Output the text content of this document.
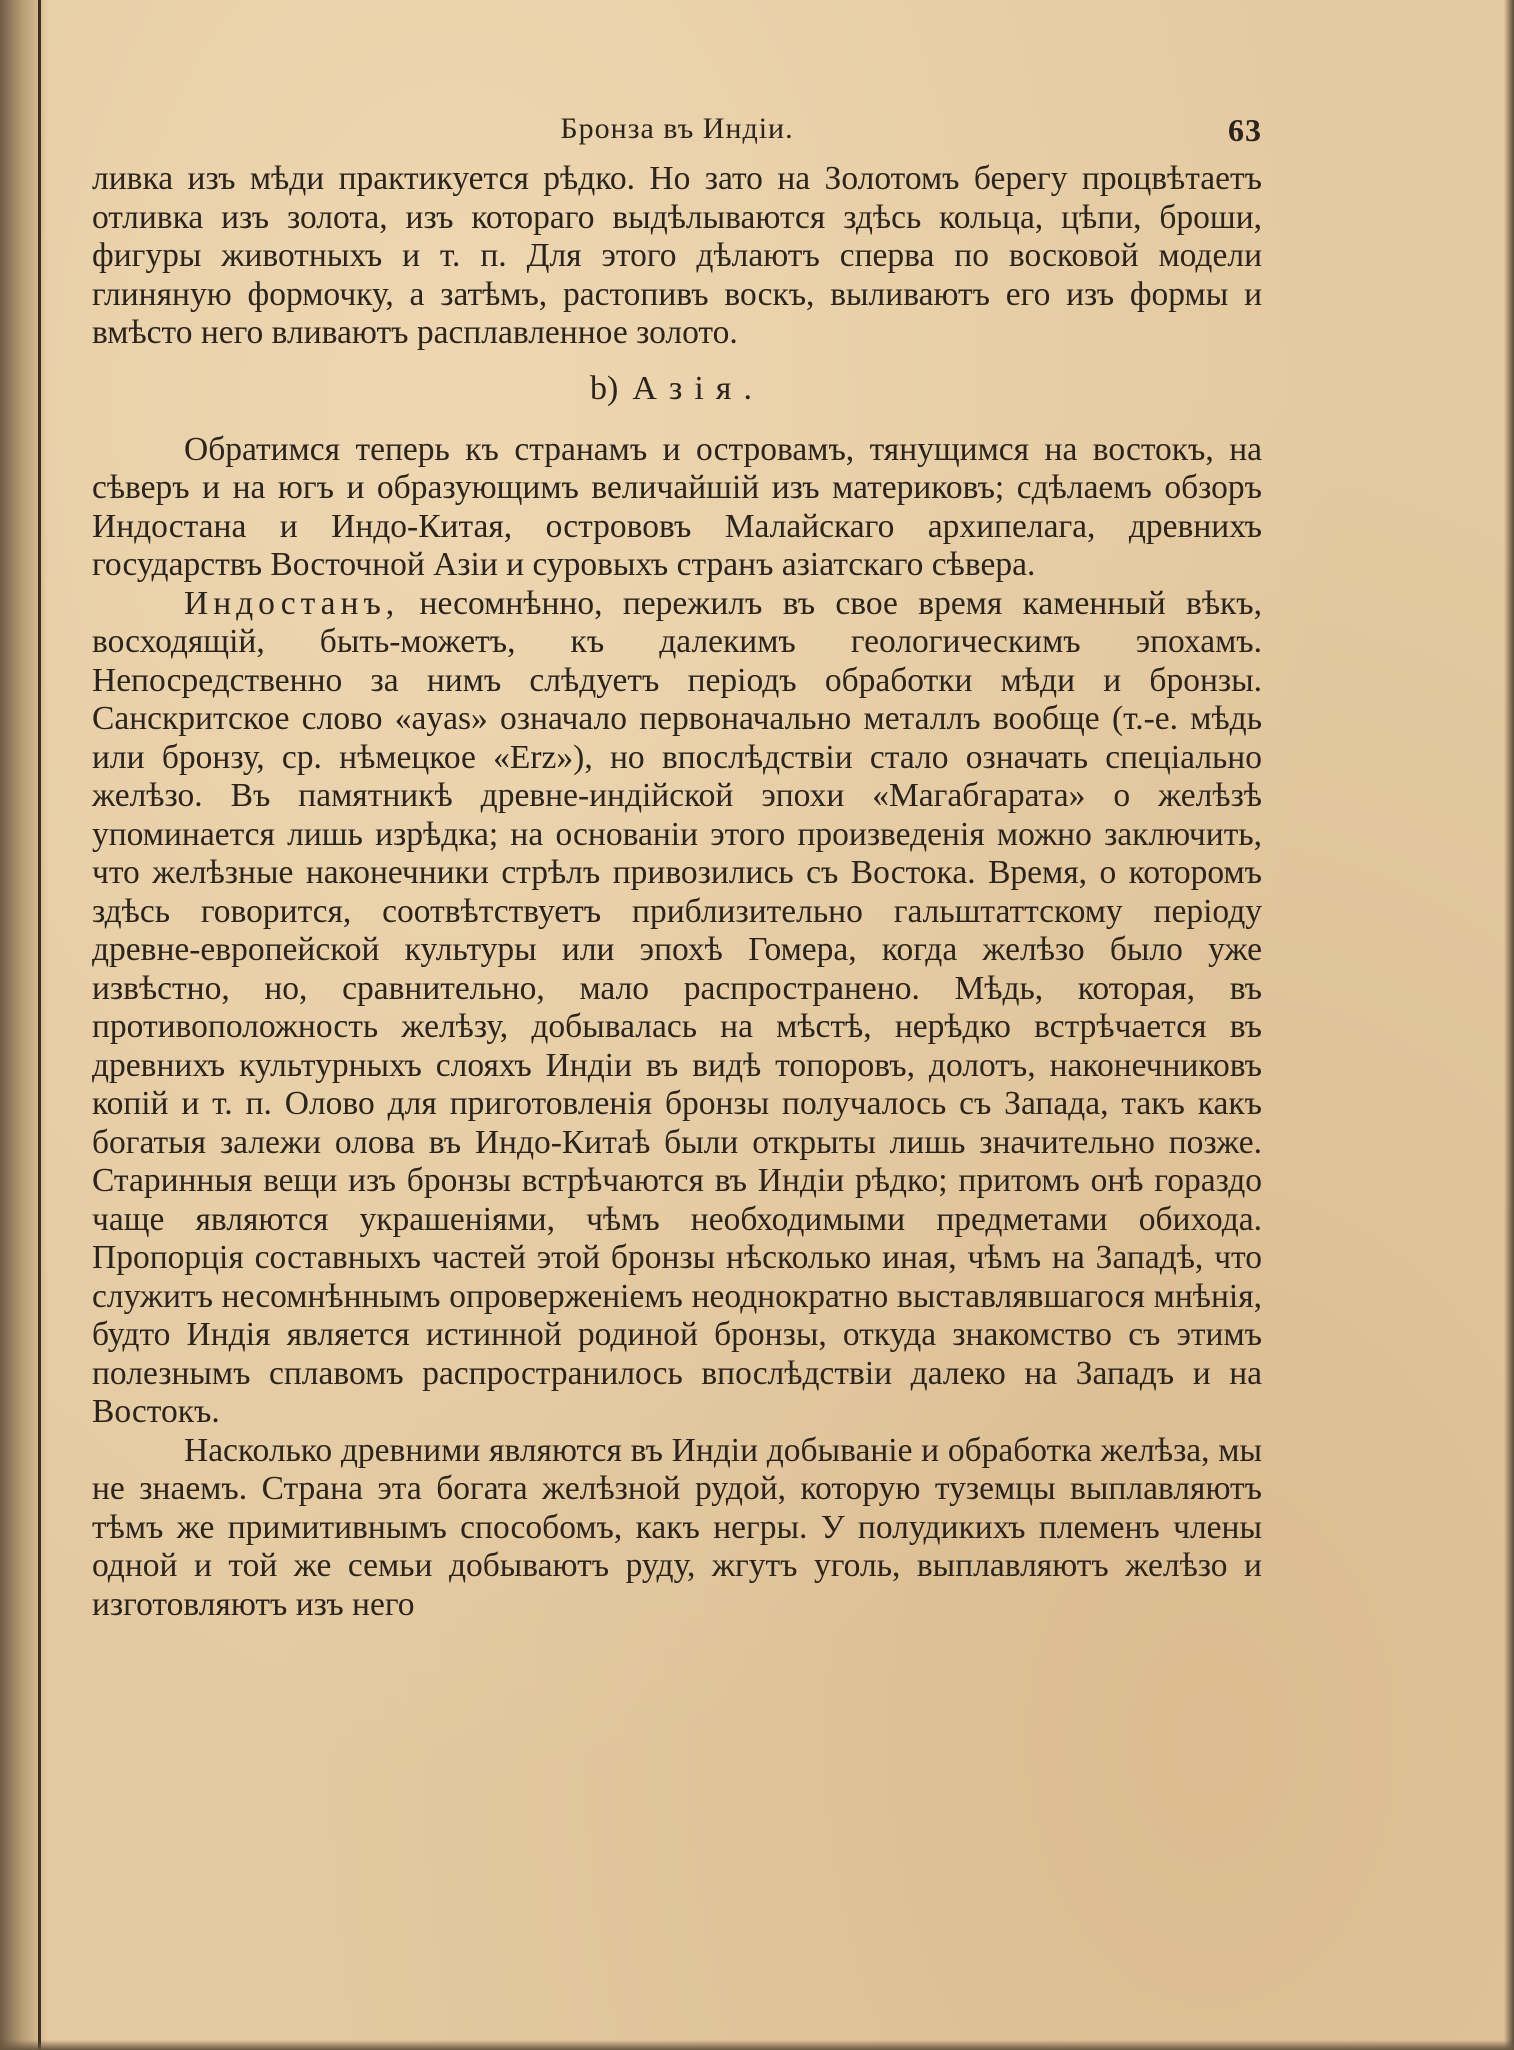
Бронза въ Индіи.	63

ливка изъ мѣди практикуется рѣдко. Но зато на Золотомъ берегу процвѣтаетъ отливка изъ золота, изъ котораго выдѣлываются здѣсь кольца, цѣпи, броши, фигуры животныхъ и т. п. Для этого дѣлаютъ сперва по восковой модели глиняную формочку, а затѣмъ, растопивъ воскъ, выливаютъ его изъ формы и вмѣсто него вливаютъ расплавленное золото.

b) Азія.

Обратимся теперь къ странамъ и островамъ, тянущимся на востокъ, на сѣверъ и на югъ и образующимъ величайшій изъ материковъ; сдѣлаемъ обзоръ Индостана и Индо-Китая, острововъ Малайскаго архипелага, древнихъ государствъ Восточной Азіи и суровыхъ странъ азіатскаго сѣвера.

Индостанъ, несомнѣнно, пережилъ въ свое время каменный вѣкъ, восходящій, быть-можетъ, къ далекимъ геологическимъ эпохамъ. Непосредственно за нимъ слѣдуетъ періодъ обработки мѣди и бронзы. Санскритское слово «ayas» означало первоначально металлъ вообще (т.-е. мѣдь или бронзу, ср. нѣмецкое «Erz»), но впослѣдствіи стало означать спеціально желѣзо. Въ памятникѣ древне-индійской эпохи «Магабгарата» о желѣзѣ упоминается лишь изрѣдка; на основаніи этого произведенія можно заключить, что желѣзные наконечники стрѣлъ привозились съ Востока. Время, о которомъ здѣсь говорится, соотвѣтствуетъ приблизительно гальштаттскому періоду древне-европейской культуры или эпохѣ Гомера, когда желѣзо было уже извѣстно, но, сравнительно, мало распространено. Мѣдь, которая, въ противоположность желѣзу, добывалась на мѣстѣ, нерѣдко встрѣчается въ древнихъ культурныхъ слояхъ Индіи въ видѣ топоровъ, долотъ, наконечниковъ копій и т. п. Олово для приготовленія бронзы получалось съ Запада, такъ какъ богатыя залежи олова въ Индо-Китаѣ были открыты лишь значительно позже. Старинныя вещи изъ бронзы встрѣчаются въ Индіи рѣдко; притомъ онѣ гораздо чаще являются украшеніями, чѣмъ необходимыми предметами обихода. Пропорція составныхъ частей этой бронзы нѣсколько иная, чѣмъ на Западѣ, что служитъ несомнѣннымъ опроверженіемъ неоднократно выставлявшагося мнѣнія, будто Индія является истинной родиной бронзы, откуда знакомство съ этимъ полезнымъ сплавомъ распространилось впослѣдствіи далеко на Западъ и на Востокъ.

Насколько древними являются въ Индіи добываніе и обработка желѣза, мы не знаемъ. Страна эта богата желѣзной рудой, которую туземцы выплавляютъ тѣмъ же примитивнымъ способомъ, какъ негры. У полудикихъ племенъ члены одной и той же семьи добываютъ руду, жгутъ уголь, выплавляютъ желѣзо и изготовляютъ изъ него
